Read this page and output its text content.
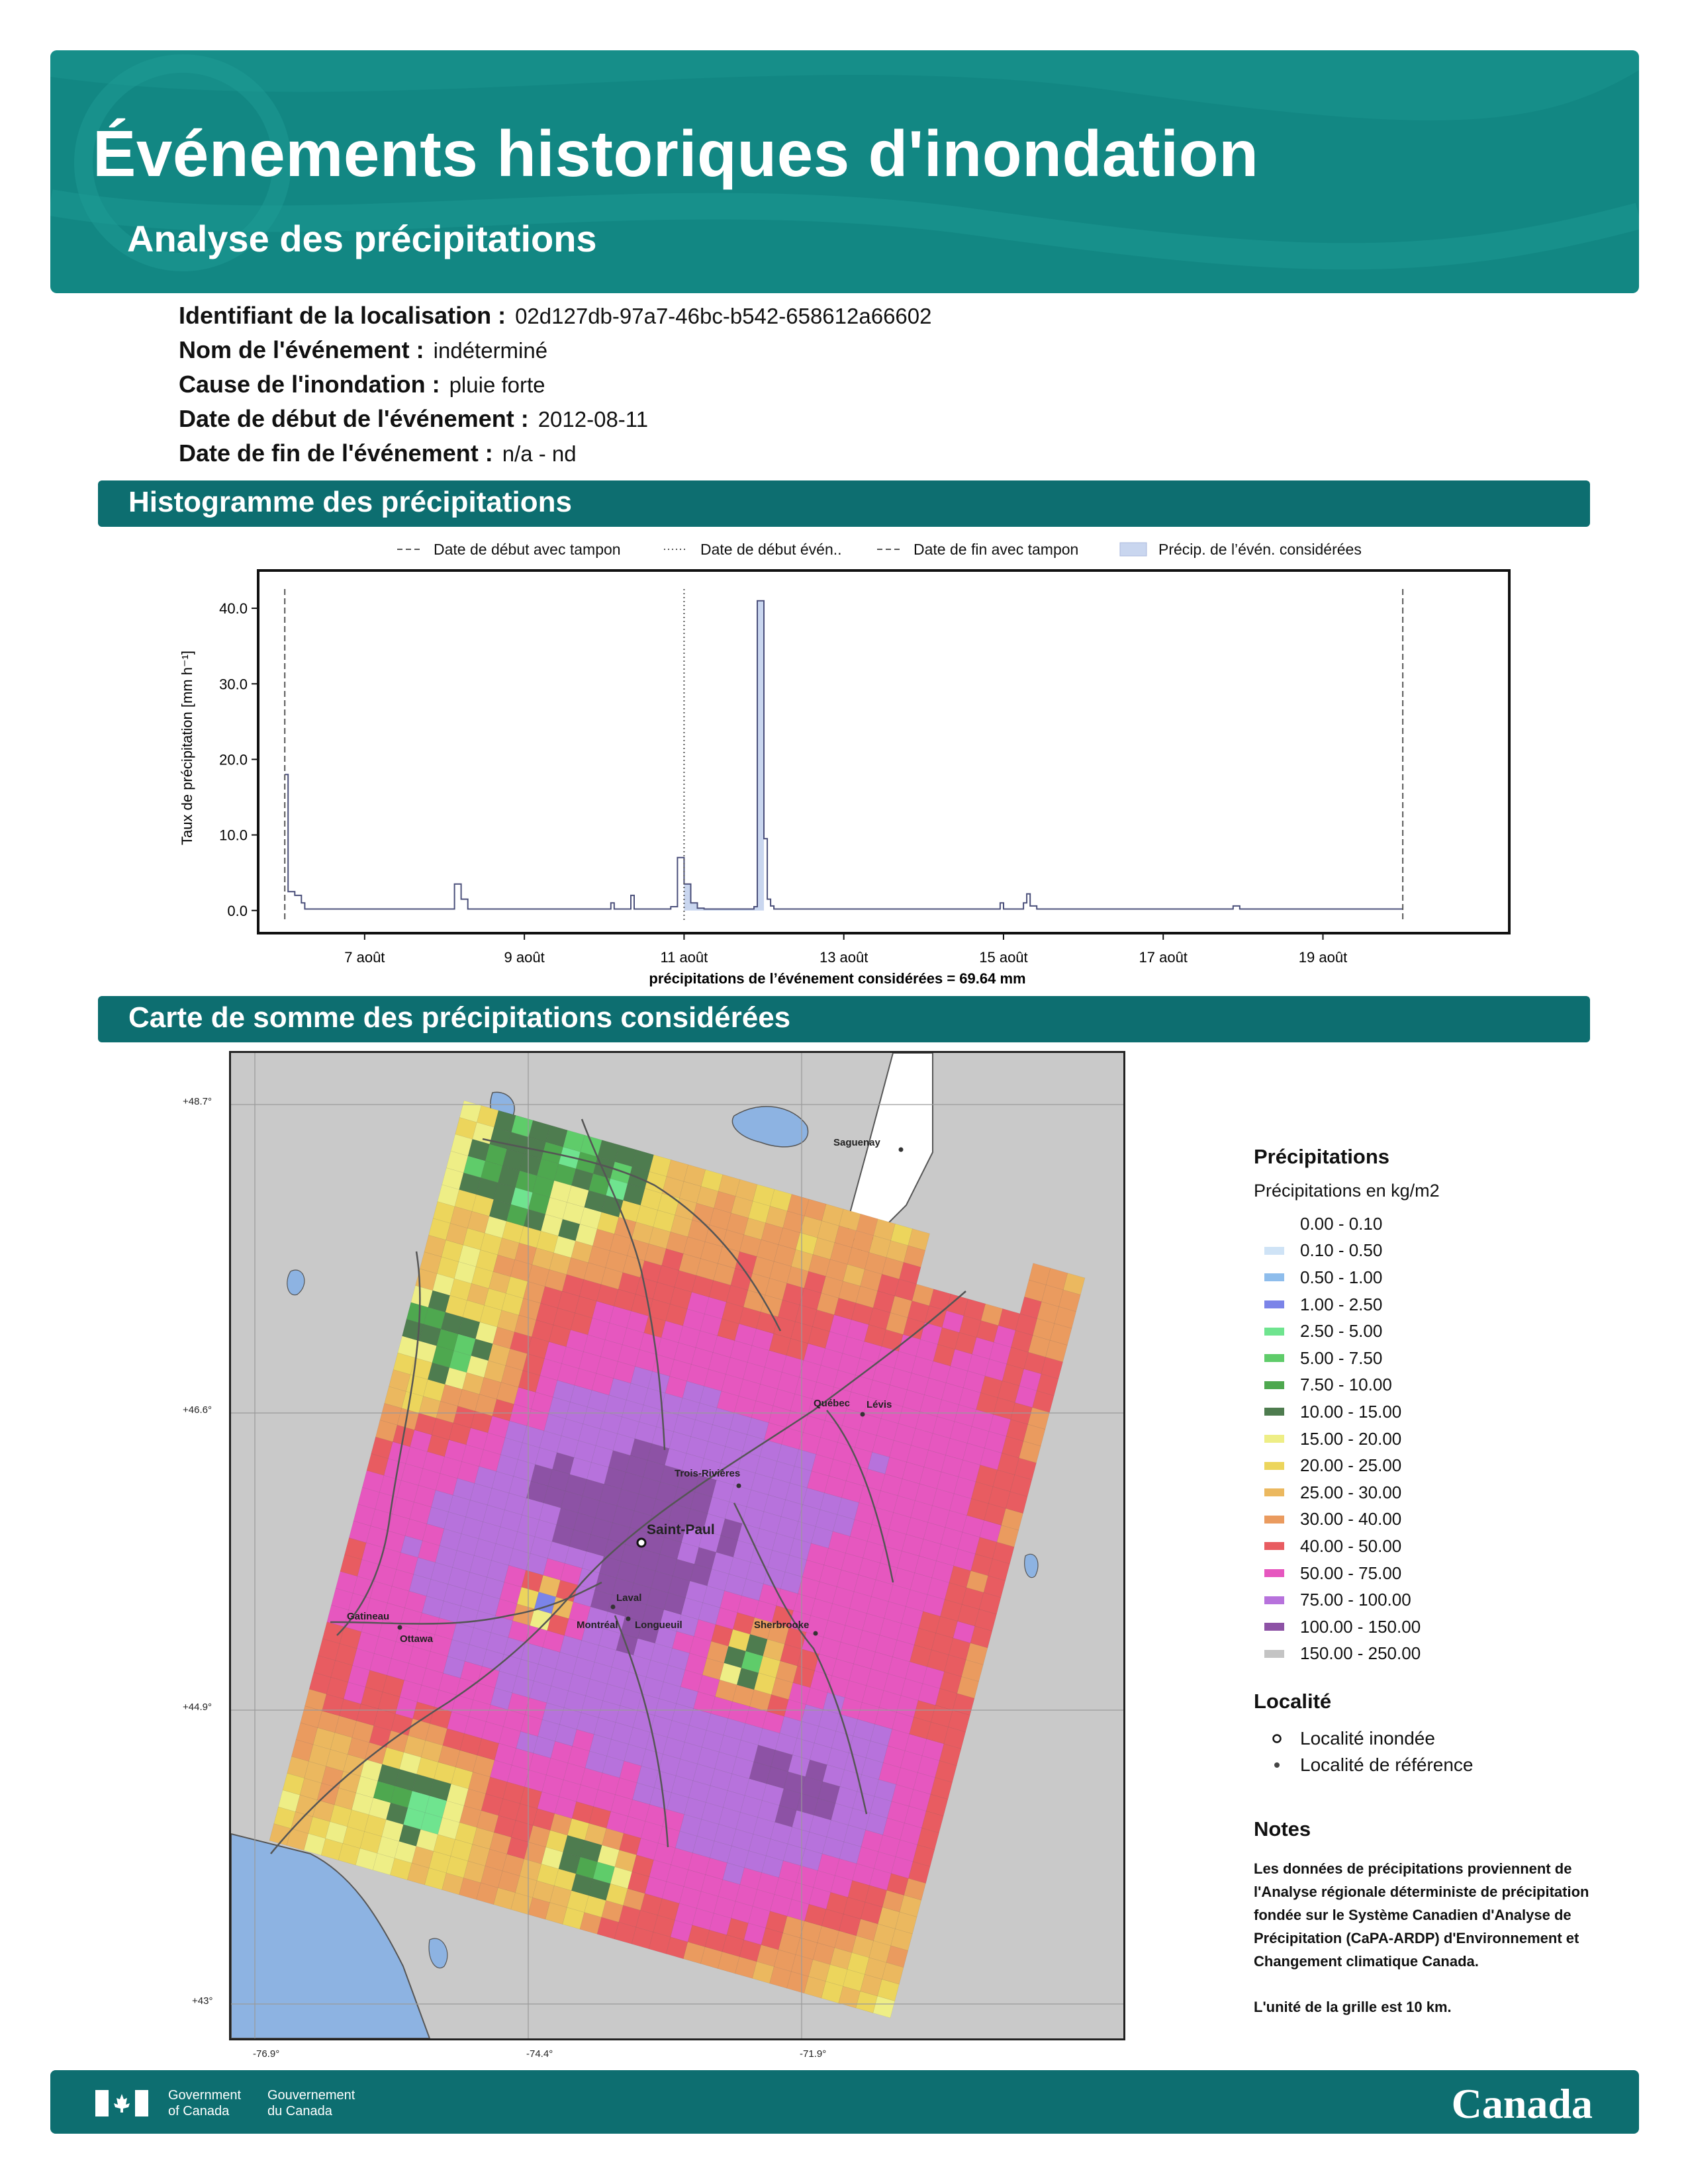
Événements historiques d'inondation
Analyse des précipitations
Identifiant de la localisation : 02d127db-97a7-46bc-b542-658612a66602
Nom de l'événement : indéterminé
Cause de l'inondation : pluie forte
Date de début de l'événement : 2012-08-11
Date de fin de l'événement : n/a - nd
Histogramme des précipitations
Date de début avec tampon	Date de début évén..	Date de fin avec tampon	Précip. de l’évén. considérées
0.0
10.0
20.0
30.0
40.0
7 août	9 août	11 août	13 août	15 août	17 août	19 août
précipitations de l’événement considérées = 69.64 mm
Taux de précipitation [mm h⁻¹]
Carte de somme des précipitations considérées
Saguenay
Québec Lévis
Trois-Rivières
Saint-Paul
Gatineau
Ottawa
Laval
Montréal Longueuil	Sherbrooke
+48.7°
+46.6°
+44.9°
+43°
-76.9°	-74.4°	-71.9°
Précipitations
Précipitations en kg/m2
0.00 - 0.10
0.10 - 0.50
0.50 - 1.00
1.00 - 2.50
2.50 - 5.00
5.00 - 7.50
7.50 - 10.00
10.00 - 15.00
15.00 - 20.00
20.00 - 25.00
25.00 - 30.00
30.00 - 40.00
40.00 - 50.00
50.00 - 75.00
75.00 - 100.00
100.00 - 150.00
150.00 - 250.00
Localité
Localité inondée
Localité de référence
Notes

Les données de précipitations proviennent de l'Analyse régionale déterministe de précipitation fondée sur le Système Canadien d'Analyse de Précipitation (CaPA-ARDP) d'Environnement et Changement climatique Canada.

L'unité de la grille est 10 km.

Government
of Canada
Gouvernement
du Canada	Canada
